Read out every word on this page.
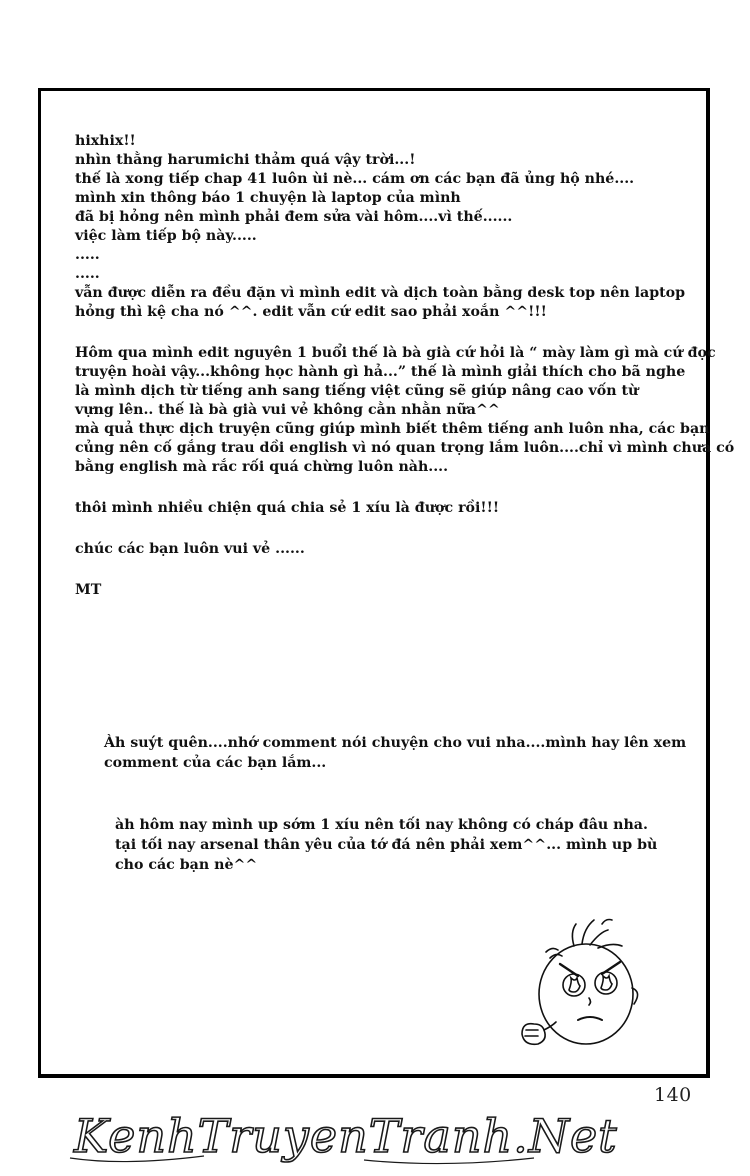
hixhix!!
nhìn thằng harumichi thảm quá vậy trời...!
thế là xong tiếp chap 41 luôn ùi nè... cám ơn các bạn đã ủng hộ nhé....
mình xin thông báo 1 chuyện là laptop của mình
đã bị hỏng nên mình phải đem sửa vài hôm....vì thế......
việc làm tiếp bộ này.....
.....
.....
vẫn được diễn ra đều đặn vì mình edit và dịch toàn bằng desk top nên laptop
hỏng thì kệ cha nó ^^. edit vẫn cứ edit sao phải xoắn ^^!!!
Hôm qua mình edit nguyên 1 buổi thế là bà già cứ hỏi là “ mày làm gì mà cứ đọc
truyện hoài vậy...không học hành gì hả...” thế là mình giải thích cho bã nghe
là mình dịch từ tiếng anh sang tiếng việt cũng sẽ giúp nâng cao vốn từ
vựng lên.. thế là bà già vui vẻ không cằn nhằn nữa^^
mà quả thực dịch truyện cũng giúp mình biết thêm tiếng anh luôn nha, các bạn
củng nên cố gắng trau dồi english vì nó quan trọng lắm luôn....chỉ vì mình chưa có
bằng english mà rắc rối quá chừng luôn nàh....
thôi mình nhiều chiện quá chia sẻ 1 xíu là được rồi!!!
chúc các bạn luôn vui vẻ ......
MT
Àh suýt quên....nhớ comment nói chuyện cho vui nha....mình hay lên xem
comment của các bạn lắm...
àh hôm nay mình up sớm 1 xíu nên tối nay không có cháp đâu nha.
tại tối nay arsenal thân yêu của tớ đá nên phải xem^^... mình up bù
cho các bạn nè^^
140
KenhTruyenTranh.Net
